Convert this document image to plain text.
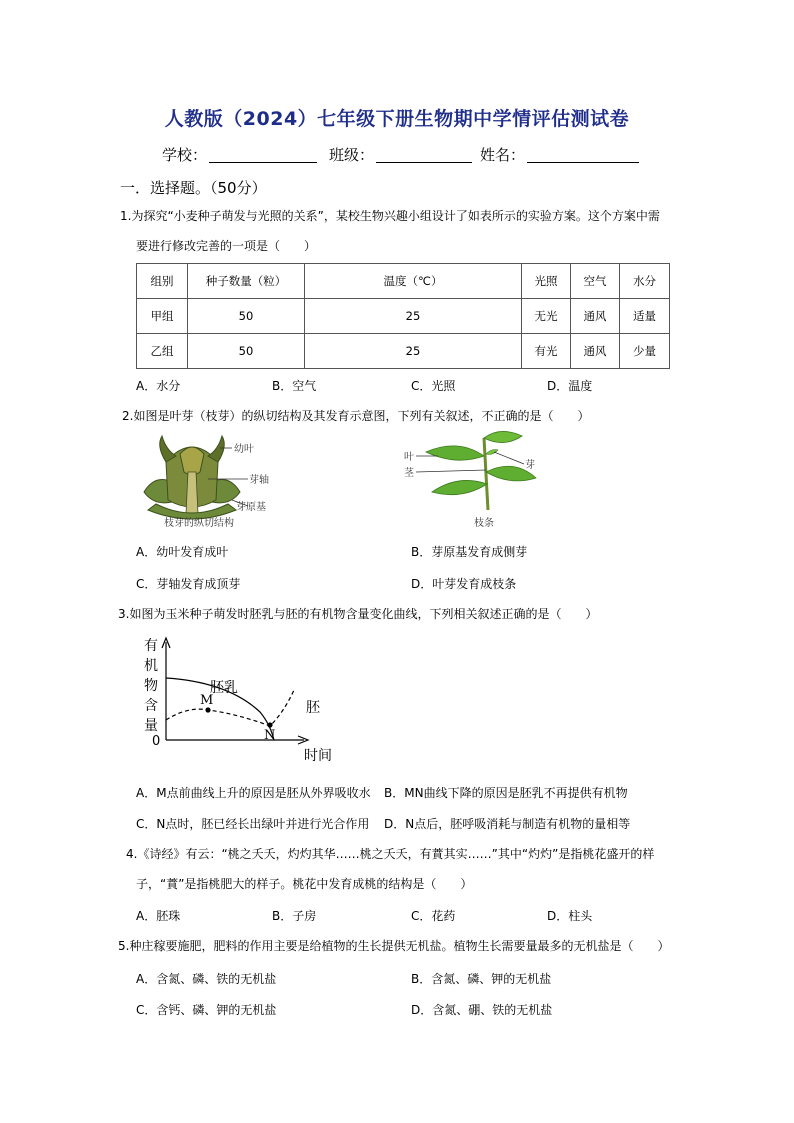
人教版（2024）七年级下册生物期中学情评估测试卷
学校：	班级：	姓名：
一．选择题。（50分）
1.为探究“小麦种子萌发与光照的关系”，某校生物兴趣小组设计了如表所示的实验方案。这个方案中需
要进行修改完善的一项是（　　）
组别	种子数量（粒）	温度（℃）	光照	空气	水分
甲组	50	25	无光	通风	适量
乙组	50	25	有光	通风	少量
A．水分	B．空气	C．光照	D．温度
2.如图是叶芽（枝芽）的纵切结构及其发育示意图，下列有关叙述，不正确的是（　　）
幼叶
芽轴
芽原基
枝芽的纵切结构
叶
茎
芽
枝条
A．幼叶发育成叶	B．芽原基发育成侧芽
C．芽轴发育成顶芽	D．叶芽发育成枝条
3.如图为玉米种子萌发时胚乳与胚的有机物含量变化曲线，下列相关叙述正确的是（　　）
有
机
物
含
量
0
胚乳
胚
M
N
时间
A．M点前曲线上升的原因是胚从外界吸收水 B．MN曲线下降的原因是胚乳不再提供有机物
C．N点时，胚已经长出绿叶并进行光合作用 D．N点后，胚呼吸消耗与制造有机物的量相等
4.《诗经》有云：“桃之夭夭，灼灼其华……桃之夭夭，有蕡其实……”其中“灼灼”是指桃花盛开的样
子，“蕡”是指桃肥大的样子。桃花中发育成桃的结构是（　　）
A．胚珠	B．子房	C．花药	D．柱头
5.种庄稼要施肥，肥料的作用主要是给植物的生长提供无机盐。植物生长需要量最多的无机盐是（　　）
A．含氮、磷、铁的无机盐	B．含氮、磷、钾的无机盐
C．含钙、磷、钾的无机盐	D．含氮、硼、铁的无机盐
